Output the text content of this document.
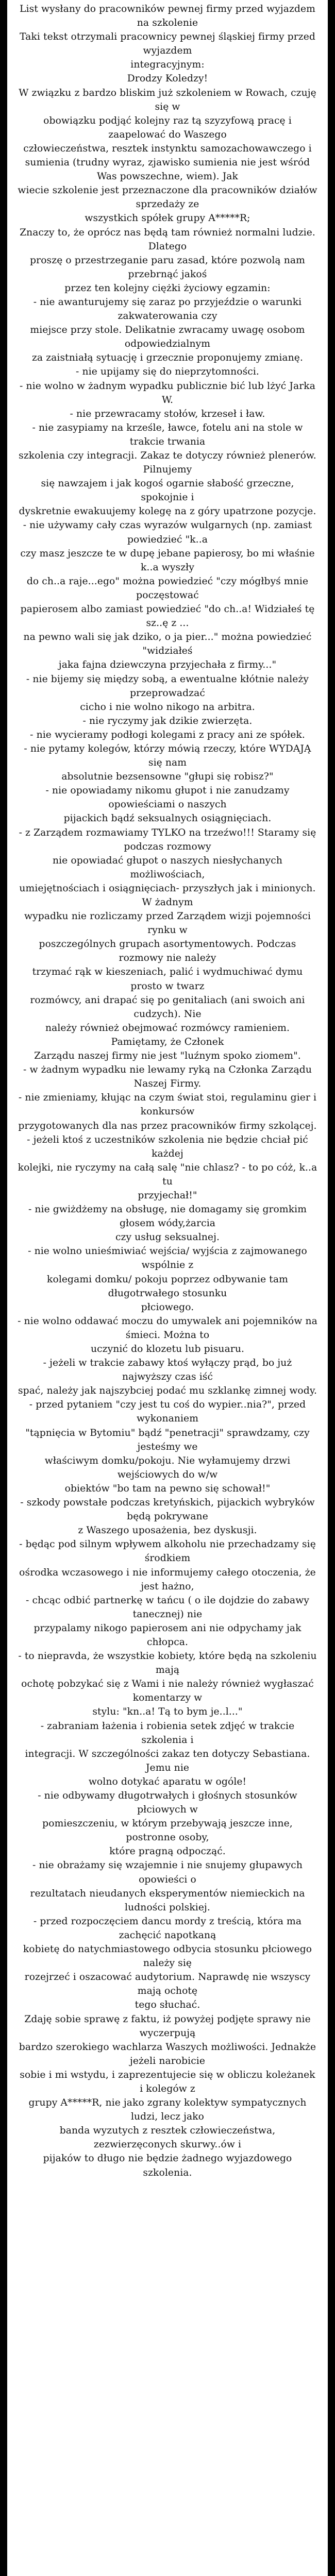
List wysłany do pracowników pewnej firmy przed wyjazdem na szkolenie
Taki tekst otrzymali pracownicy pewnej śląskiej firmy przed wyjazdem
integracyjnym:
Drodzy Koledzy!
W związku z bardzo bliskim już szkoleniem w Rowach, czuję się w
obowiązku podjąć kolejny raz tą szyzyfową pracę i zaapelować do Waszego
człowieczeństwa, resztek instynktu samozachowawczego i sumienia (trudny wyraz, zjawisko sumienia nie jest wśród Was powszechne, wiem). Jak
wiecie szkolenie jest przeznaczone dla pracowników działów sprzedaży ze
wszystkich spółek grupy A*****R;
Znaczy to, że oprócz nas będą tam również normalni ludzie. Dlatego
proszę o przestrzeganie paru zasad, które pozwolą nam przebrnąć jakoś
przez ten kolejny ciężki życiowy egzamin:
- nie awanturujemy się zaraz po przyjeździe o warunki zakwaterowania czy
miejsce przy stole. Delikatnie zwracamy uwagę osobom odpowiedzialnym
za zaistniałą sytuację i grzecznie proponujemy zmianę.
- nie upijamy się do nieprzytomności.
- nie wolno w żadnym wypadku publicznie bić lub lżyć Jarka W.
- nie przewracamy stołów, krzeseł i ław.
- nie zasypiamy na krześle, ławce, fotelu ani na stole w trakcie trwania
szkolenia czy integracji. Zakaz te dotyczy również plenerów. Pilnujemy
się nawzajem i jak kogoś ogarnie słabość grzeczne, spokojnie i
dyskretnie ewakuujemy kolegę na z góry upatrzone pozycje.
- nie używamy cały czas wyrazów wulgarnych (np. zamiast powiedzieć "k..a
czy masz jeszcze te w dupę jebane papierosy, bo mi właśnie k..a wyszły
do ch..a raje...ego" można powiedzieć "czy mógłbyś mnie poczęstować
papierosem albo zamiast powiedzieć "do ch..a! Widziałeś tę sz..ę z ...
na pewno wali się jak dziko, o ja pier..." można powiedzieć "widziałeś
jaka fajna dziewczyna przyjechała z firmy..."
- nie bijemy się między sobą, a ewentualne kłótnie należy przeprowadzać
cicho i nie wolno nikogo na arbitra.
- nie ryczymy jak dzikie zwierzęta.
- nie wycieramy podłogi kolegami z pracy ani ze spółek.
- nie pytamy kolegów, którzy mówią rzeczy, które WYDAJĄ się nam
absolutnie bezsensowne "głupi się robisz?"
- nie opowiadamy nikomu głupot i nie zanudzamy opowieściami o naszych
pijackich bądź seksualnych osiągnięciach.
- z Zarządem rozmawiamy TYLKO na trzeźwo!!! Staramy się podczas rozmowy
nie opowiadać głupot o naszych niesłychanych możliwościach,
umiejętnościach i osiągnięciach- przyszłych jak i minionych. W żadnym
wypadku nie rozliczamy przed Zarządem wizji pojemności rynku w
poszczególnych grupach asortymentowych. Podczas rozmowy nie należy
trzymać rąk w kieszeniach, palić i wydmuchiwać dymu prosto w twarz
rozmówcy, ani drapać się po genitaliach (ani swoich ani cudzych). Nie
należy również obejmować rozmówcy ramieniem. Pamiętamy, że Członek
Zarządu naszej firmy nie jest "luźnym spoko ziomem".
- w żadnym wypadku nie lewamy ryką na Członka Zarządu Naszej Firmy.
- nie zmieniamy, kłując na czym świat stoi, regulaminu gier i konkursów
przygotowanych dla nas przez pracowników firmy szkolącej.
- jeżeli ktoś z uczestników szkolenia nie będzie chciał pić każdej
kolejki, nie ryczymy na całą salę "nie chlasz? - to po cóż, k..a tu
przyjechał!"
- nie gwiżdżemy na obsługę, nie domagamy się gromkim głosem wódy,żarcia
czy usług seksualnej.
- nie wolno unieśmiwiać wejścia/ wyjścia z zajmowanego wspólnie z
kolegami domku/ pokoju poprzez odbywanie tam długotrwałego stosunku
płciowego.
- nie wolno oddawać moczu do umywalek ani pojemników na śmieci. Można to
uczynić do klozetu lub pisuaru.
- jeżeli w trakcie zabawy ktoś wyłączy prąd, bo już najwyższy czas iść
spać, należy jak najszybciej podać mu szklankę zimnej wody.
- przed pytaniem "czy jest tu coś do wypier..nia?", przed wykonaniem
"tąpnięcia w Bytomiu" bądź "penetracji" sprawdzamy, czy jesteśmy we
właściwym domku/pokoju. Nie wyłamujemy drzwi wejściowych do w/w
obiektów "bo tam na pewno się schował!"
- szkody powstałe podczas kretyńskich, pijackich wybryków będą pokrywane
z Waszego uposażenia, bez dyskusji.
- będąc pod silnym wpływem alkoholu nie przechadzamy się środkiem
ośrodka wczasowego i nie informujemy całego otoczenia, że jest hażno,
- chcąc odbić partnerkę w tańcu ( o ile dojdzie do zabawy tanecznej) nie
przypalamy nikogo papierosem ani nie odpychamy jak chłopca.
- to niepravda, że wszystkie kobiety, które będą na szkoleniu mają
ochotę pobzykać się z Wami i nie należy również wygłaszać komentarzy w
stylu: "kn..a! Tą to bym je..l..."
- zabraniam łażenia i robienia setek zdjęć w trakcie szkolenia i
integracji. W szczególności zakaz ten dotyczy Sebastiana. Jemu nie
wolno dotykać aparatu w ogóle!
- nie odbywamy długotrwałych i głośnych stosunków płciowych w
pomieszczeniu, w którym przebywają jeszcze inne, postronne osoby,
które pragną odpocząć.
- nie obrażamy się wzajemnie i nie snujemy głupawych opowieści o
rezultatach nieudanych eksperymentów niemieckich na ludności polskiej.
- przed rozpoczęciem dancu mordy z treścią, która ma zachęcić napotkaną
kobietę do natychmiastowego odbycia stosunku płciowego należy się
rozejrzeć i oszacować audytorium. Naprawdę nie wszyscy mają ochotę
tego słuchać.
Zdaję sobie sprawę z faktu, iż powyżej podjęte sprawy nie wyczerpują
bardzo szerokiego wachlarza Waszych możliwości. Jednakże jeżeli narobicie
sobie i mi wstydu, i zaprezentujecie się w obliczu koleżanek i kolegów z
grupy A*****R, nie jako zgrany kolektyw sympatycznych ludzi, lecz jako
banda wyzutych z resztek człowieczeństwa, zezwierzęconych skurwy..ów i
pijaków to długo nie będzie żadnego wyjazdowego szkolenia.
